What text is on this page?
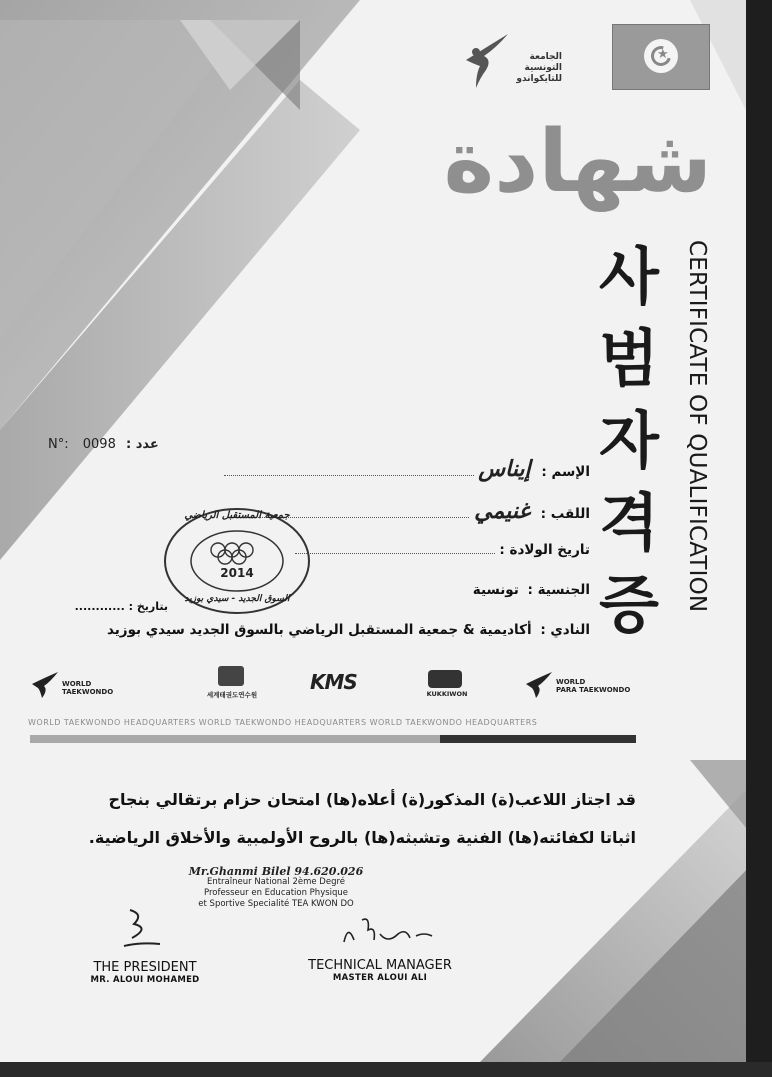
★
الجامعة
التونسية
للتايكواندو
شهادة
사
범
자
격
증	CERTIFICATE OF QUALIFICATION
N°: 0098 : عدد
الإسم : إيناس
اللقب : غنيمي
تاريخ الولادة :
الجنسية : تونسية
النادي : أكاديمية & جمعية المستقبل الرياضي بالسوق الجديد سيدي بوزيد
بتاريخ : ............
جمعية المستقبل الرياضي
2014
السوق الجديد - سيدي بوزيد
WORLD
TAEKWONDO	세계태권도연수원
KMS	KUKKIWON
WORLD
PARA TAEKWONDO
WORLD TAEKWONDO HEADQUARTERS WORLD TAEKWONDO HEADQUARTERS WORLD TAEKWONDO HEADQUARTERS
قد اجتاز اللاعب(ة) المذكور(ة) أعلاه(ها) امتحان حزام برتقالي بنجاح
اثباتا لكفائته(ها) الفنية وتشبثه(ها) بالروح الأولمبية والأخلاق الرياضية.
Mr.Ghanmi Bilel 94.620.026
Entraîneur National 2ème Degré
Professeur en Education Physique
et Sportive Specialité TEA KWON DO
THE PRESIDENT
MR. ALOUI MOHAMED
TECHNICAL MANAGER
MASTER ALOUI ALI
